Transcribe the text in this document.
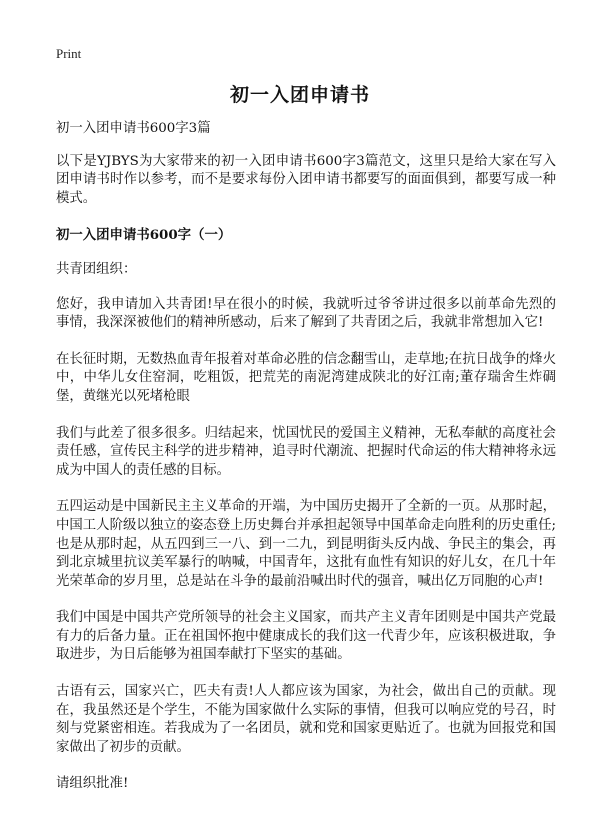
Print
初一入团申请书

初一入团申请书600字3篇

以下是YJBYS为大家带来的初一入团申请书600字3篇范文，这里只是给大家在写入团申请书时作以参考，而不是要求每份入团申请书都要写的面面俱到，都要写成一种模式。

初一入团申请书600字（一）

共青团组织：

您好，我申请加入共青团!早在很小的时候，我就听过爷爷讲过很多以前革命先烈的事情，我深深被他们的精神所感动，后来了解到了共青团之后，我就非常想加入它!

在长征时期，无数热血青年报着对革命必胜的信念翻雪山，走草地;在抗日战争的烽火中，中华儿女住窑洞，吃粗饭，把荒芜的南泥湾建成陕北的好江南;董存瑞舍生炸碉堡，黄继光以死堵枪眼

我们与此差了很多很多。归结起来，忧国忧民的爱国主义精神，无私奉献的高度社会责任感，宣传民主科学的进步精神，追寻时代潮流、把握时代命运的伟大精神将永远成为中国人的责任感的目标。

五四运动是中国新民主主义革命的开端，为中国历史揭开了全新的一页。从那时起，中国工人阶级以独立的姿态登上历史舞台并承担起领导中国革命走向胜利的历史重任;也是从那时起，从五四到三一八、到一二九，到昆明街头反内战、争民主的集会，再到北京城里抗议美军暴行的呐喊，中国青年，这批有血性有知识的好儿女，在几十年光荣革命的岁月里，总是站在斗争的最前沿喊出时代的强音，喊出亿万同胞的心声!

我们中国是中国共产党所领导的社会主义国家，而共产主义青年团则是中国共产党最有力的后备力量。正在祖国怀抱中健康成长的我们这一代青少年，应该积极进取，争取进步，为日后能够为祖国奉献打下坚实的基础。

古语有云，国家兴亡，匹夫有责!人人都应该为国家，为社会，做出自己的贡献。现在，我虽然还是个学生，不能为国家做什么实际的事情，但我可以响应党的号召，时刻与党紧密相连。若我成为了一名团员，就和党和国家更贴近了。也就为回报党和国家做出了初步的贡献。

请组织批准!
